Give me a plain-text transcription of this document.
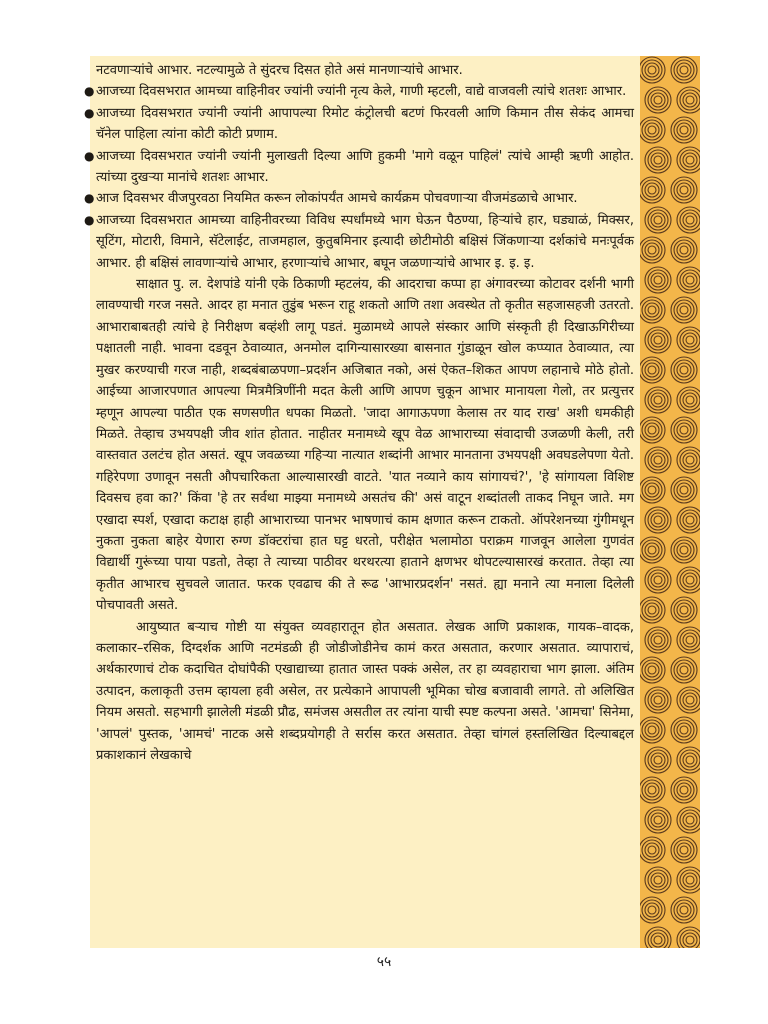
नटवणाऱ्यांचे आभार. नटल्यामुळे ते सुंदरच दिसत होते असं मानणाऱ्यांचे आभार.

● आजच्या दिवसभरात आमच्या वाहिनीवर ज्यांनी ज्यांनी नृत्य केले, गाणी म्हटली, वाद्ये वाजवली त्यांचे शतशः आभार.
● आजच्या दिवसभरात ज्यांनी ज्यांनी आपापल्या रिमोट कंट्रोलची बटणं फिरवली आणि किमान तीस सेकंद आमचा चॅनेल पाहिला त्यांना कोटी कोटी प्रणाम.
● आजच्या दिवसभरात ज्यांनी ज्यांनी मुलाखती दिल्या आणि हुकमी 'मागे वळून पाहिलं' त्यांचे आम्ही ऋणी आहोत. त्यांच्या दुखऱ्या मानांचे शतशः आभार.
● आज दिवसभर वीजपुरवठा नियमित करून लोकांपर्यंत आमचे कार्यक्रम पोचवणाऱ्या वीजमंडळाचे आभार.
● आजच्या दिवसभरात आमच्या वाहिनीवरच्या विविध स्पर्धांमध्ये भाग घेऊन पैठण्या, हिऱ्यांचे हार, घड्याळं, मिक्सर, सूटिंग, मोटारी, विमाने, सॅटेलाईट, ताजमहाल, कुतुबमिनार इत्यादी छोटीमोठी बक्षिसं जिंकणाऱ्या दर्शकांचे मनःपूर्वक आभार. ही बक्षिसं लावणाऱ्यांचे आभार, हरणाऱ्यांचे आभार, बघून जळणाऱ्यांचे आभार इ. इ. इ.

साक्षात पु. ल. देशपांडे यांनी एके ठिकाणी म्हटलंय, की आदराचा कप्पा हा अंगावरच्या कोटावर दर्शनी भागी लावण्याची गरज नसते. आदर हा मनात तुडुंब भरून राहू शकतो आणि तशा अवस्थेत तो कृतीत सहजासहजी उतरतो. आभाराबाबतही त्यांचे हे निरीक्षण बव्हंशी लागू पडतं. मुळामध्ये आपले संस्कार आणि संस्कृती ही दिखाऊगिरीच्या पक्षातली नाही. भावना दडवून ठेवाव्यात, अनमोल दागिन्यासारख्या बासनात गुंडाळून खोल कप्प्यात ठेवाव्यात, त्या मुखर करण्याची गरज नाही, शब्दबंबाळपणा–प्रदर्शन अजिबात नको, असं ऐकत–शिकत आपण लहानाचे मोठे होतो. आईच्या आजारपणात आपल्या मित्रमैत्रिणींनी मदत केली आणि आपण चुकून आभार मानायला गेलो, तर प्रत्युत्तर म्हणून आपल्या पाठीत एक सणसणीत धपका मिळतो. 'जादा आगाऊपणा केलास तर याद राख' अशी धमकीही मिळते. तेव्हाच उभयपक्षी जीव शांत होतात. नाहीतर मनामध्ये खूप वेळ आभाराच्या संवादाची उजळणी केली, तरी वास्तवात उलटंच होत असतं. खूप जवळच्या गहिऱ्या नात्यात शब्दांनी आभार मानताना उभयपक्षी अवघडलेपणा येतो. गहिरेपणा उणावून नसती औपचारिकता आल्यासारखी वाटते. 'यात नव्याने काय सांगायचं?', 'हे सांगायला विशिष्ट दिवसच हवा का?' किंवा 'हे तर सर्वथा माझ्या मनामध्ये असतंच की' असं वाटून शब्दांतली ताकद निघून जाते. मग एखादा स्पर्श, एखादा कटाक्ष हाही आभाराच्या पानभर भाषणाचं काम क्षणात करून टाकतो. ऑपरेशनच्या गुंगीमधून नुकता नुकता बाहेर येणारा रुग्ण डॉक्टरांचा हात घट्ट धरतो, परीक्षेत भलामोठा पराक्रम गाजवून आलेला गुणवंत विद्यार्थी गुरूंच्या पाया पडतो, तेव्हा ते त्याच्या पाठीवर थरथरत्या हाताने क्षणभर थोपटल्यासारखं करतात. तेव्हा त्या कृतीत आभारच सुचवले जातात. फरक एवढाच की ते रूढ 'आभारप्रदर्शन' नसतं. ह्या मनाने त्या मनाला दिलेली पोचपावती असते.

आयुष्यात बऱ्याच गोष्टी या संयुक्त व्यवहारातून होत असतात. लेखक आणि प्रकाशक, गायक–वादक, कलाकार–रसिक, दिग्दर्शक आणि नटमंडळी ही जोडीजोडीनेच कामं करत असतात, करणार असतात. व्यापाराचं, अर्थकारणाचं टोक कदाचित दोघांपैकी एखाद्याच्या हातात जास्त पक्कं असेल, तर हा व्यवहाराचा भाग झाला. अंतिम उत्पादन, कलाकृती उत्तम व्हायला हवी असेल, तर प्रत्येकाने आपापली भूमिका चोख बजावावी लागते. तो अलिखित नियम असतो. सहभागी झालेली मंडळी प्रौढ, समंजस असतील तर त्यांना याची स्पष्ट कल्पना असते. 'आमचा' सिनेमा, 'आपलं' पुस्तक, 'आमचं' नाटक असे शब्दप्रयोगही ते सर्रास करत असतात. तेव्हा चांगलं हस्तलिखित दिल्याबद्दल प्रकाशकानं लेखकाचे

५५
